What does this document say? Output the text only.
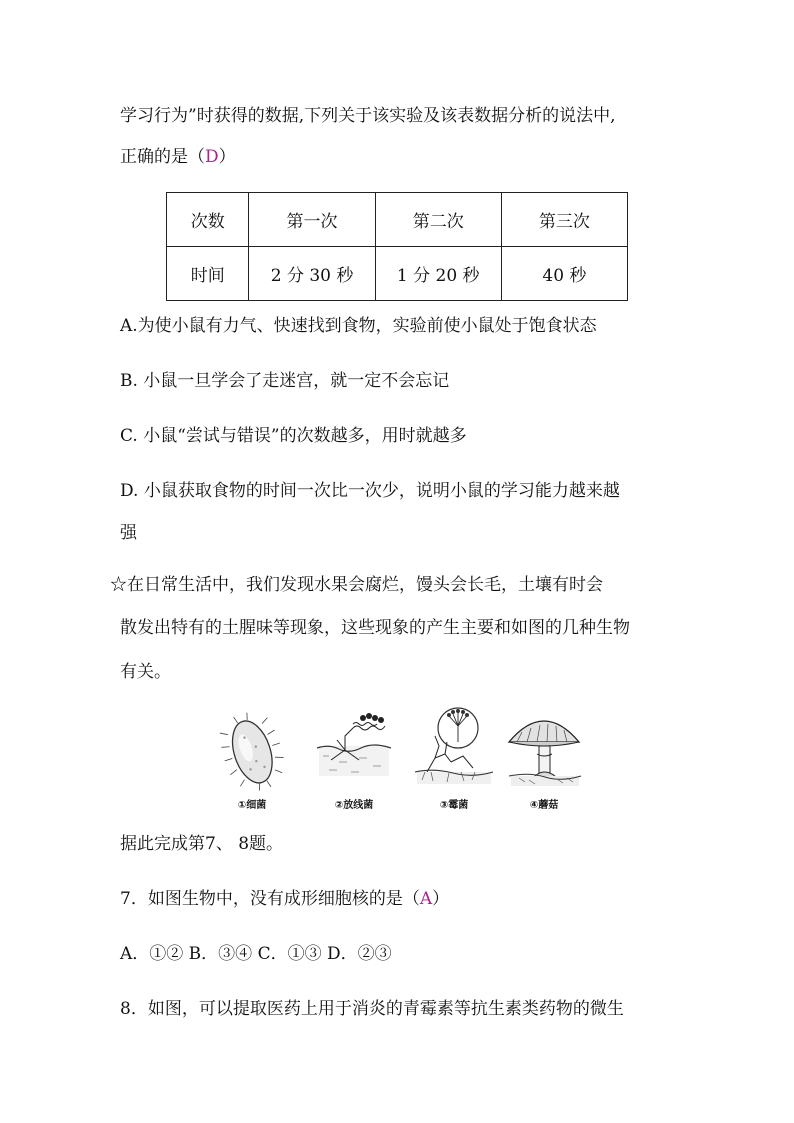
学习行为”时获得的数据,下列关于该实验及该表数据分析的说法中,
正确的是（D）
次数	第一次	第二次	第三次
时间	2 分 30 秒	1 分 20 秒	40 秒
A.为使小鼠有力气、快速找到食物，实验前使小鼠处于饱食状态
B. 小鼠一旦学会了走迷宫，就一定不会忘记
C. 小鼠“尝试与错误”的次数越多，用时就越多
D. 小鼠获取食物的时间一次比一次少，说明小鼠的学习能力越来越
强
☆在日常生活中，我们发现水果会腐烂，馒头会长毛，土壤有时会
散发出特有的土腥味等现象，这些现象的产生主要和如图的几种生物
有关。
①细菌	②放线菌	③霉菌	④蘑菇
据此完成第7、 8题。
7．如图生物中，没有成形细胞核的是（A）
A．①② B．③④ C．①③ D．②③
8．如图，可以提取医药上用于消炎的青霉素等抗生素类药物的微生
